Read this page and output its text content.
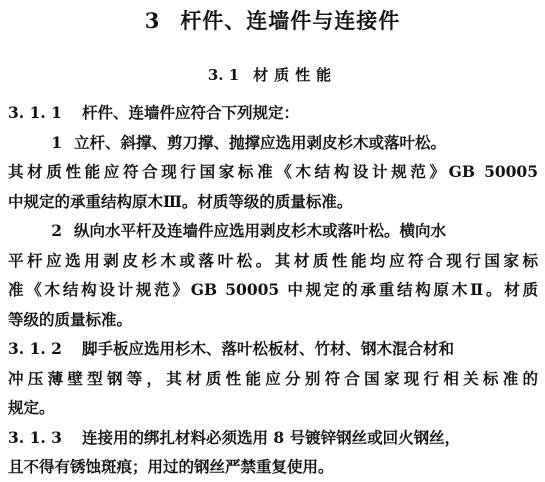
3 杆件、连墙件与连接件
3. 1 材质性能
3. 1. 1 杆件、连墙件应符合下列规定：
1 立杆、斜撑、剪刀撑、抛撑应选用剥皮杉木或落叶松。
其材质性能应符合现行国家标准《木结构设计规范》GB 50005
中规定的承重结构原木Ⅲ。材质等级的质量标准。
2 纵向水平杆及连墙件应选用剥皮杉木或落叶松。横向水
平杆应选用剥皮杉木或落叶松。其材质性能均应符合现行国家标
准《木结构设计规范》GB 50005 中规定的承重结构原木Ⅱ。材质
等级的质量标准。
3. 1. 2 脚手板应选用杉木、落叶松板材、竹材、钢木混合材和
冲压薄壁型钢等，其材质性能应分别符合国家现行相关标准的
规定。
3. 1. 3 连接用的绑扎材料必须选用 8 号镀锌钢丝或回火钢丝，
且不得有锈蚀斑痕；用过的钢丝严禁重复使用。
